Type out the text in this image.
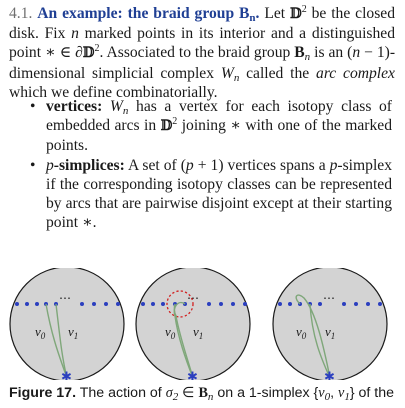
4.1. An example: the braid group $B_n$. Let 𝔻$^2$ be the closed disk. Fix n marked points in its interior and a distinguished point ∗ ∈ ∂𝔻$^2$. Associated to the braid group $B_n$ is an (n − 1)-dimensional simplicial complex $W_n$ called the arc complex which we define combinatorially.
• vertices: $W_n$ has a vertex for each isotopy class of embedded arcs in 𝔻$^2$ joining ∗ with one of the marked points.
• p-simplices: A set of (p + 1) vertices spans a p-simplex if the corresponding isotopy classes can be represented by arcs that are pairwise disjoint except at their starting point ∗.
⋯
✱
$v_0$ $v_1$
⋯
✱
$v_0$ $v_1$
⋯
✱
$v_0$ $v_1$
Figure 17. The action of $\sigma_2$ ∈ $B_n$ on a 1-simplex {$v_0$, $v_1$} of the
